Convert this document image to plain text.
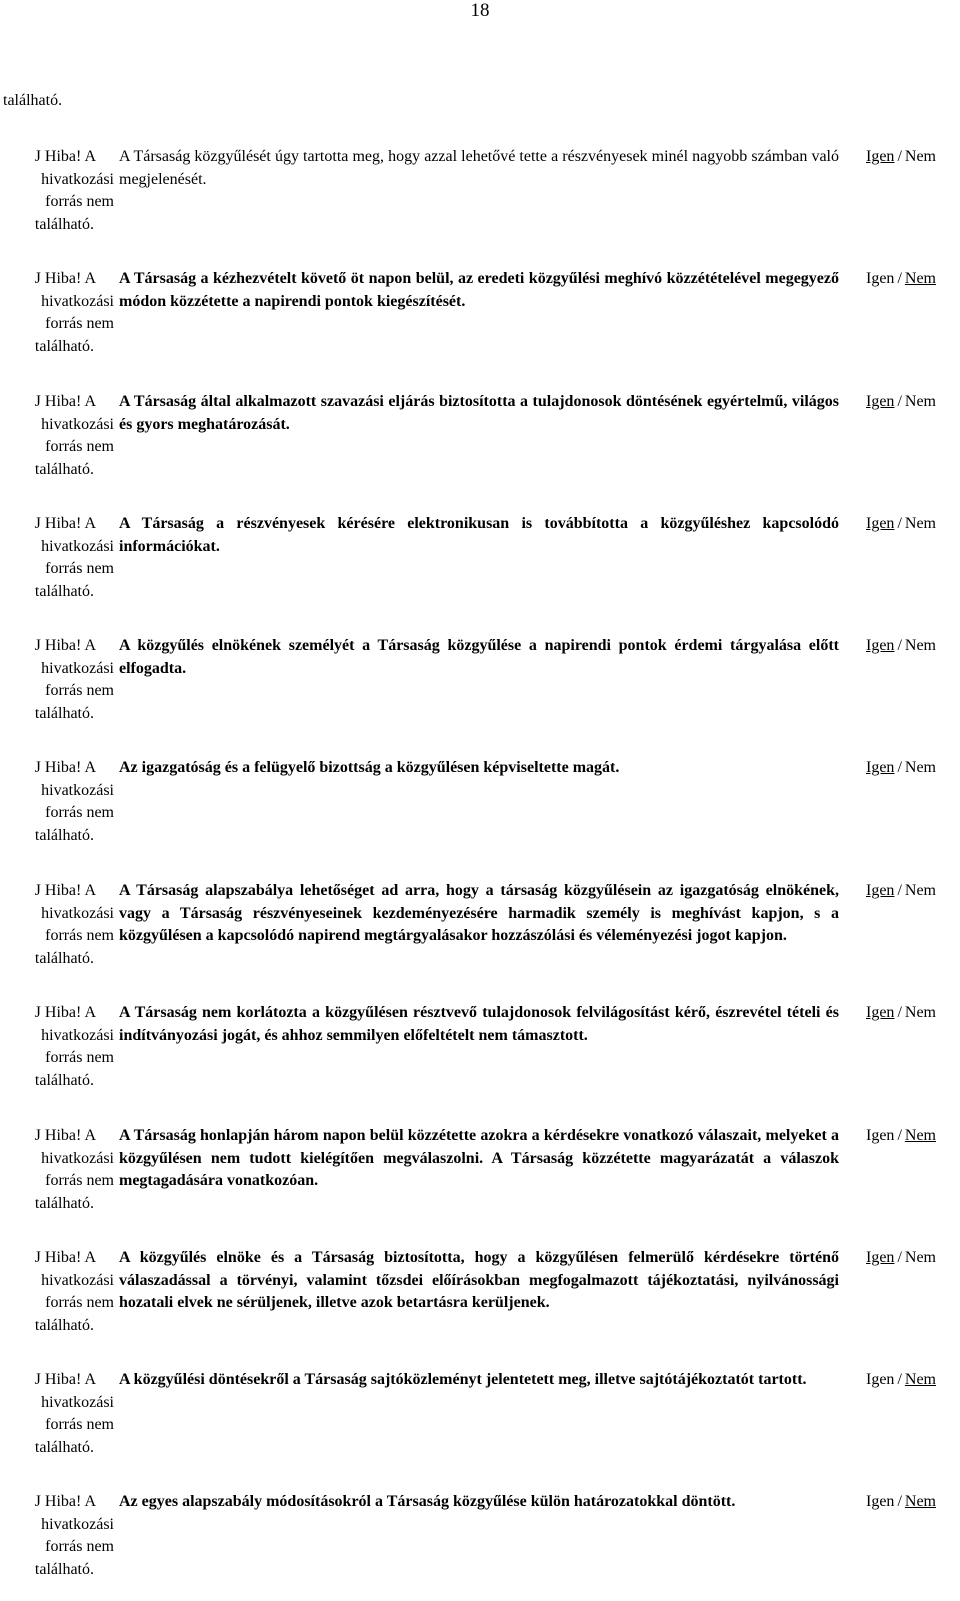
18
található.
J Hiba! A
hivatkozási
forrás nem
található.
A Társaság közgyűlését úgy tartotta meg, hogy azzal lehetővé tette a részvényesek minél nagyobb számban való megjelenését.
Igen / Nem
J Hiba! A
hivatkozási
forrás nem
található.
A Társaság a kézhezvételt követő öt napon belül, az eredeti közgyűlési meghívó közzétételével megegyező módon közzétette a napirendi pontok kiegészítését.
Igen / Nem
J Hiba! A
hivatkozási
forrás nem
található.
A Társaság által alkalmazott szavazási eljárás biztosította a tulajdonosok döntésének egyértelmű, világos és gyors meghatározását.
Igen / Nem
J Hiba! A
hivatkozási
forrás nem
található.
A Társaság a részvényesek kérésére elektronikusan is továbbította a közgyűléshez kapcsolódó információkat.
Igen / Nem
J Hiba! A
hivatkozási
forrás nem
található.
A közgyűlés elnökének személyét a Társaság közgyűlése a napirendi pontok érdemi tárgyalása előtt elfogadta.
Igen / Nem
J Hiba! A
hivatkozási
forrás nem
található.
Az igazgatóság és a felügyelő bizottság a közgyűlésen képviseltette magát.	Igen / Nem
J Hiba! A
hivatkozási
forrás nem
található.
A Társaság alapszabálya lehetőséget ad arra, hogy a társaság közgyűlésein az igazgatóság elnökének, vagy a Társaság részvényeseinek kezdeményezésére harmadik személy is meghívást kapjon, s a közgyűlésen a kapcsolódó napirend megtárgyalásakor hozzászólási és véleményezési jogot kapjon.
Igen / Nem
J Hiba! A
hivatkozási
forrás nem
található.
A Társaság nem korlátozta a közgyűlésen résztvevő tulajdonosok felvilágosítást kérő, észrevétel tételi és indítványozási jogát, és ahhoz semmilyen előfeltételt nem támasztott.
Igen / Nem
J Hiba! A
hivatkozási
forrás nem
található.
A Társaság honlapján három napon belül közzétette azokra a kérdésekre vonatkozó válaszait, melyeket a közgyűlésen nem tudott kielégítően megválaszolni. A Társaság közzétette magyarázatát a válaszok megtagadására vonatkozóan.
Igen / Nem
J Hiba! A
hivatkozási
forrás nem
található.
A közgyűlés elnöke és a Társaság biztosította, hogy a közgyűlésen felmerülő kérdésekre történő válaszadással a törvényi, valamint tőzsdei előírásokban megfogalmazott tájékoztatási, nyilvánossági hozatali elvek ne sérüljenek, illetve azok betartásra kerüljenek.
Igen / Nem
J Hiba! A
hivatkozási
forrás nem
található.
A közgyűlési döntésekről a Társaság sajtóközleményt jelentetett meg, illetve sajtótájékoztatót tartott.	Igen / Nem
J Hiba! A
hivatkozási
forrás nem
található.
Az egyes alapszabály módosításokról a Társaság közgyűlése külön határozatokkal döntött.	Igen / Nem
